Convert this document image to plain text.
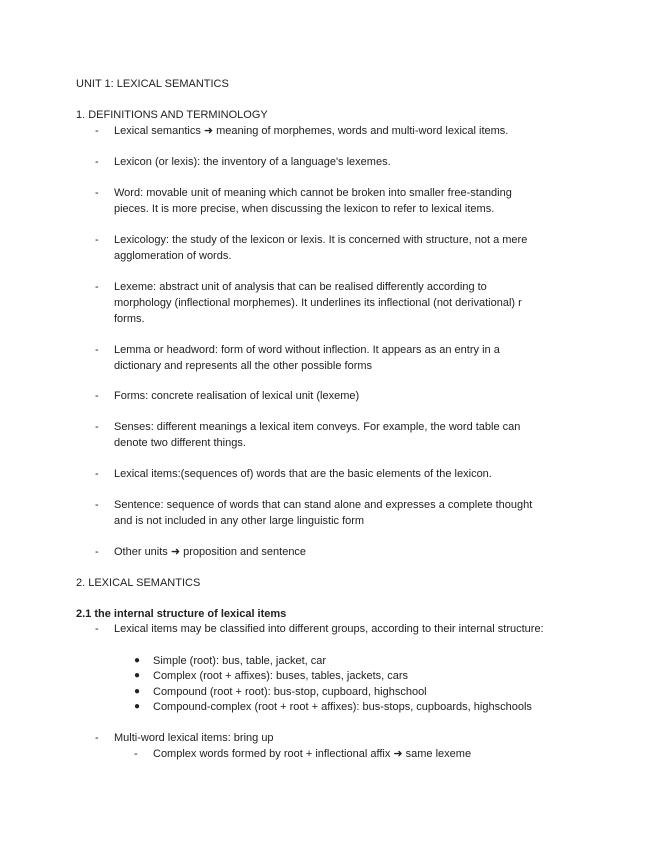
UNIT 1: LEXICAL SEMANTICS
1. DEFINITIONS AND TERMINOLOGY
- Lexical semantics ➜ meaning of morphemes, words and multi-word lexical items.
- Lexicon (or lexis): the inventory of a language's lexemes.
- Word: movable unit of meaning which cannot be broken into smaller free-standing
pieces. It is more precise, when discussing the lexicon to refer to lexical items.
- Lexicology: the study of the lexicon or lexis. It is concerned with structure, not a mere
agglomeration of words.
- Lexeme: abstract unit of analysis that can be realised differently according to
morphology (inflectional morphemes). It underlines its inflectional (not derivational) r
forms.
- Lemma or headword: form of word without inflection. It appears as an entry in a
dictionary and represents all the other possible forms
- Forms: concrete realisation of lexical unit (lexeme)
- Senses: different meanings a lexical item conveys. For example, the word table can
denote two different things.
- Lexical items:(sequences of) words that are the basic elements of the lexicon.
- Sentence: sequence of words that can stand alone and expresses a complete thought
and is not included in any other large linguistic form
- Other units ➜ proposition and sentence
2. LEXICAL SEMANTICS
2.1 the internal structure of lexical items
- Lexical items may be classified into different groups, according to their internal structure:
● Simple (root): bus, table, jacket, car
● Complex (root + affixes): buses, tables, jackets, cars
● Compound (root + root): bus-stop, cupboard, highschool
● Compound-complex (root + root + affixes): bus-stops, cupboards, highschools
- Multi-word lexical items: bring up
- Complex words formed by root + inflectional affix ➜ same lexeme
